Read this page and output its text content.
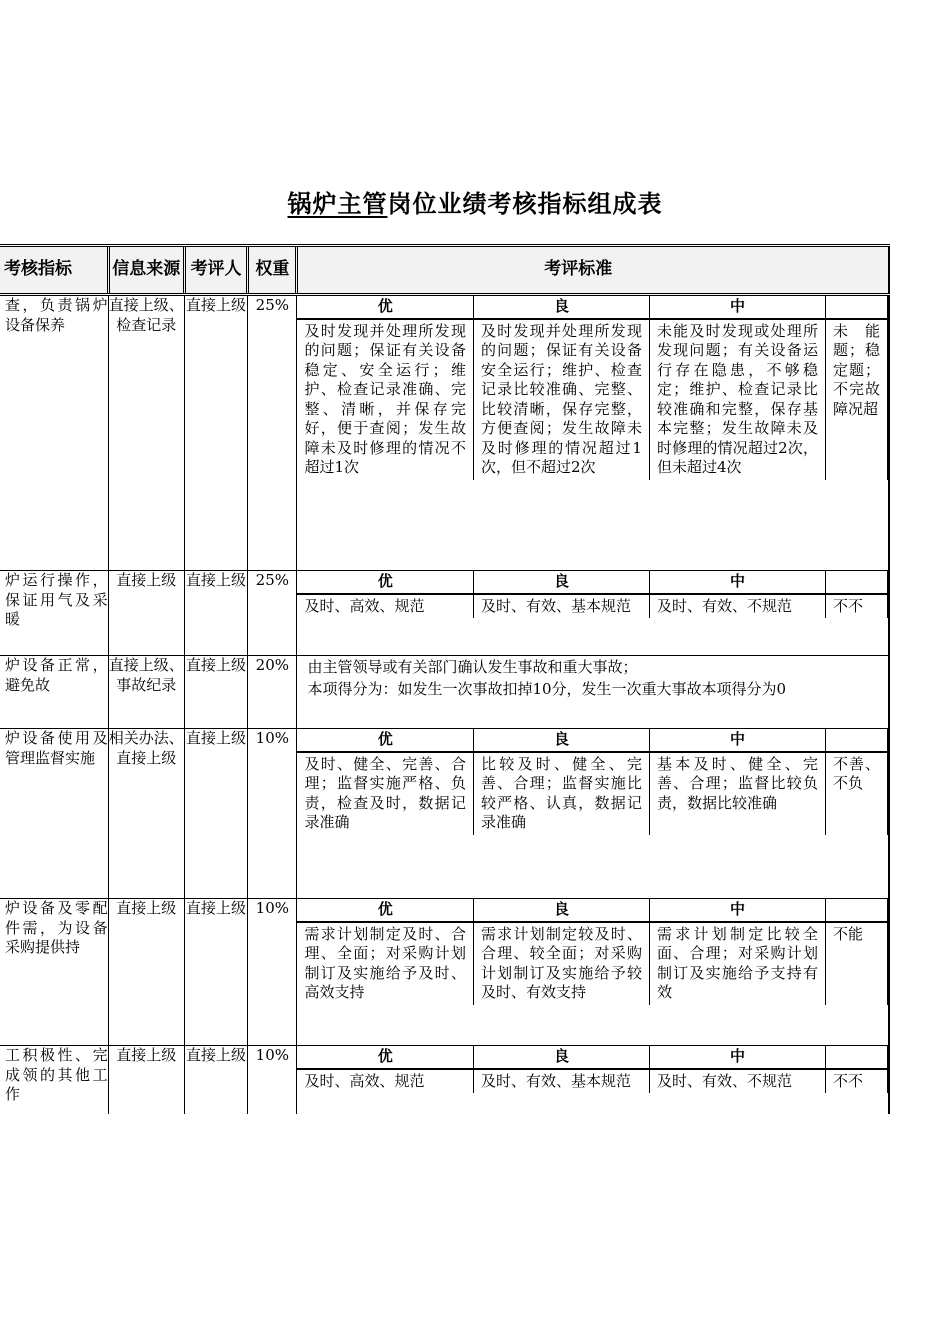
锅炉主管岗位业绩考核指标组成表
考核指标	信息来源	考评人	权重	考评标准
查，负责锅炉设备保养	直接上级、检查记录	直接上级	25%		优	良	中	
及时发现并处理所发现的问题；保证有关设备稳定、安全运行；维护、检查记录准确、完整、清晰，并保存完好，便于查阅；发生故障未及时修理的情况不超过1次	及时发现并处理所发现的问题；保证有关设备安全运行；维护、检查记录比较准确、完整、比较清晰，保存完整，方便查阅；发生故障未及时修理的情况超过1次，但不超过2次	未能及时发现或处理所发现问题；有关设备运行存在隐患，不够稳定；维护、检查记录比较准确和完整，保存基本完整；发生故障未及时修理的情况超过2次，但未超过4次	未能题；稳定题；不完故障况超

炉运行操作，保证用气及采暖	直接上级	直接上级	25%		优	良	中	
及时、高效、规范	及时、有效、基本规范	及时、有效、不规范	不不

炉设备正常，避免故	直接上级、事故纪录	直接上级	20%	由主管领导或有关部门确认发生事故和重大事故；
本项得分为：如发生一次事故扣掉10分，发生一次重大事故本项得分为0

炉设备使用及管理监督实施	相关办法、直接上级	直接上级	10%		优	良	中	
及时、健全、完善、合理；监督实施严格、负责，检查及时，数据记录准确	比较及时、健全、完善、合理；监督实施比较严格、认真，数据记录准确	基本及时、健全、完善、合理；监督比较负责，数据比较准确	不善、不负

炉设备及零配件需，为设备采购提供持	直接上级	直接上级	10%		优	良	中	
需求计划制定及时、合理、全面；对采购计划制订及实施给予及时、高效支持	需求计划制定较及时、合理、较全面；对采购计划制订及实施给予较及时、有效支持	需求计划制定比较全面、合理；对采购计划制订及实施给予支持有效	不能

工积极性、完成领的其他工作	直接上级	直接上级	10%		优	良	中	
及时、高效、规范	及时、有效、基本规范	及时、有效、不规范	不不
